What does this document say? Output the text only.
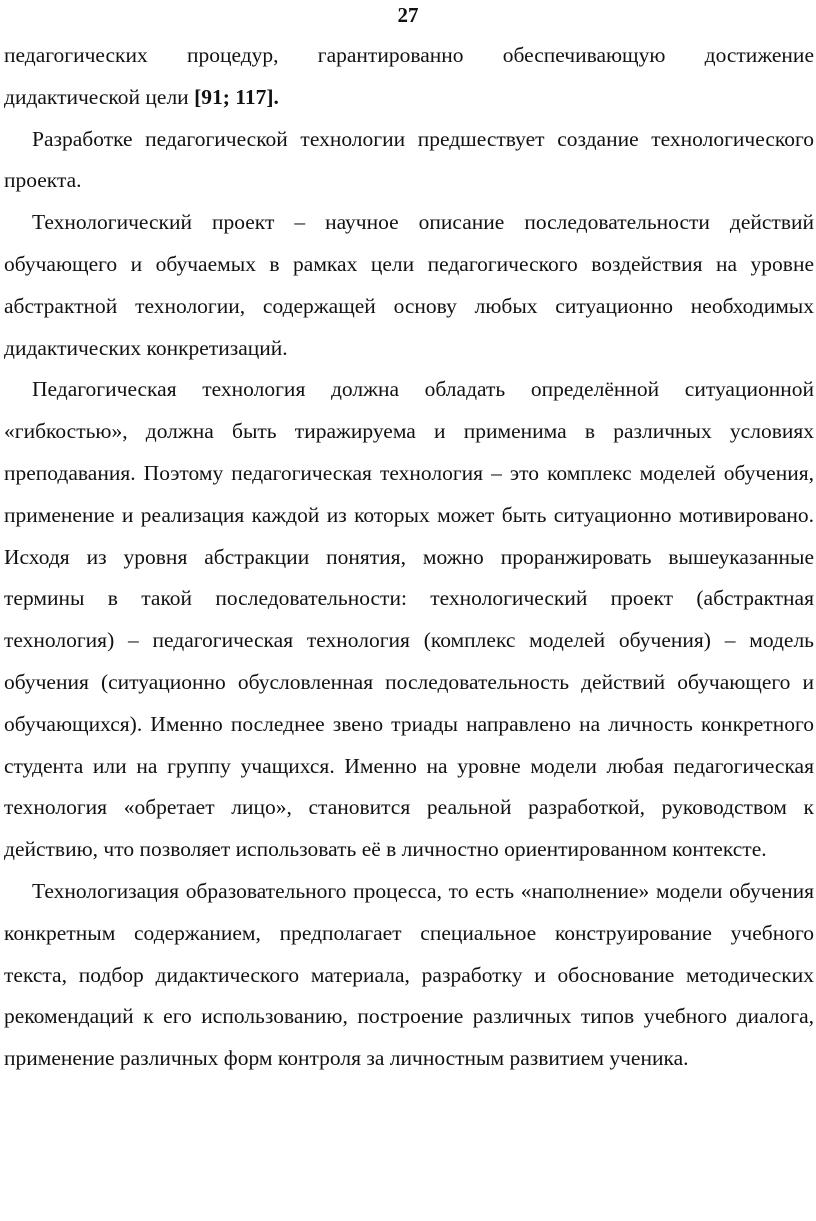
27

педагогических процедур, гарантированно обеспечивающую достижение дидактической цели [91; 117].

Разработке педагогической технологии предшествует создание технологического проекта.

Технологический проект – научное описание последовательности действий обучающего и обучаемых в рамках цели педагогического воздействия на уровне абстрактной технологии, содержащей основу любых ситуационно необходимых дидактических конкретизаций.

Педагогическая технология должна обладать определённой ситуационной «гибкостью», должна быть тиражируема и применима в различных условиях преподавания. Поэтому педагогическая технология – это комплекс моделей обучения, применение и реализация каждой из которых может быть ситуационно мотивировано. Исходя из уровня абстракции понятия, можно проранжировать вышеуказанные термины в такой последовательности: технологический проект (абстрактная технология) – педагогическая технология (комплекс моделей обучения) – модель обучения (ситуационно обусловленная последовательность действий обучающего и обучающихся). Именно последнее звено триады направлено на личность конкретного студента или на группу учащихся. Именно на уровне модели любая педагогическая технология «обретает лицо», становится реальной разработкой, руководством к действию, что позволяет использовать её в личностно ориентированном контексте.

Технологизация образовательного процесса, то есть «наполнение» модели обучения конкретным содержанием, предполагает специальное конструирование учебного текста, подбор дидактического материала, разработку и обоснование методических рекомендаций к его использованию, построение различных типов учебного диалога, применение различных форм контроля за личностным развитием ученика.
